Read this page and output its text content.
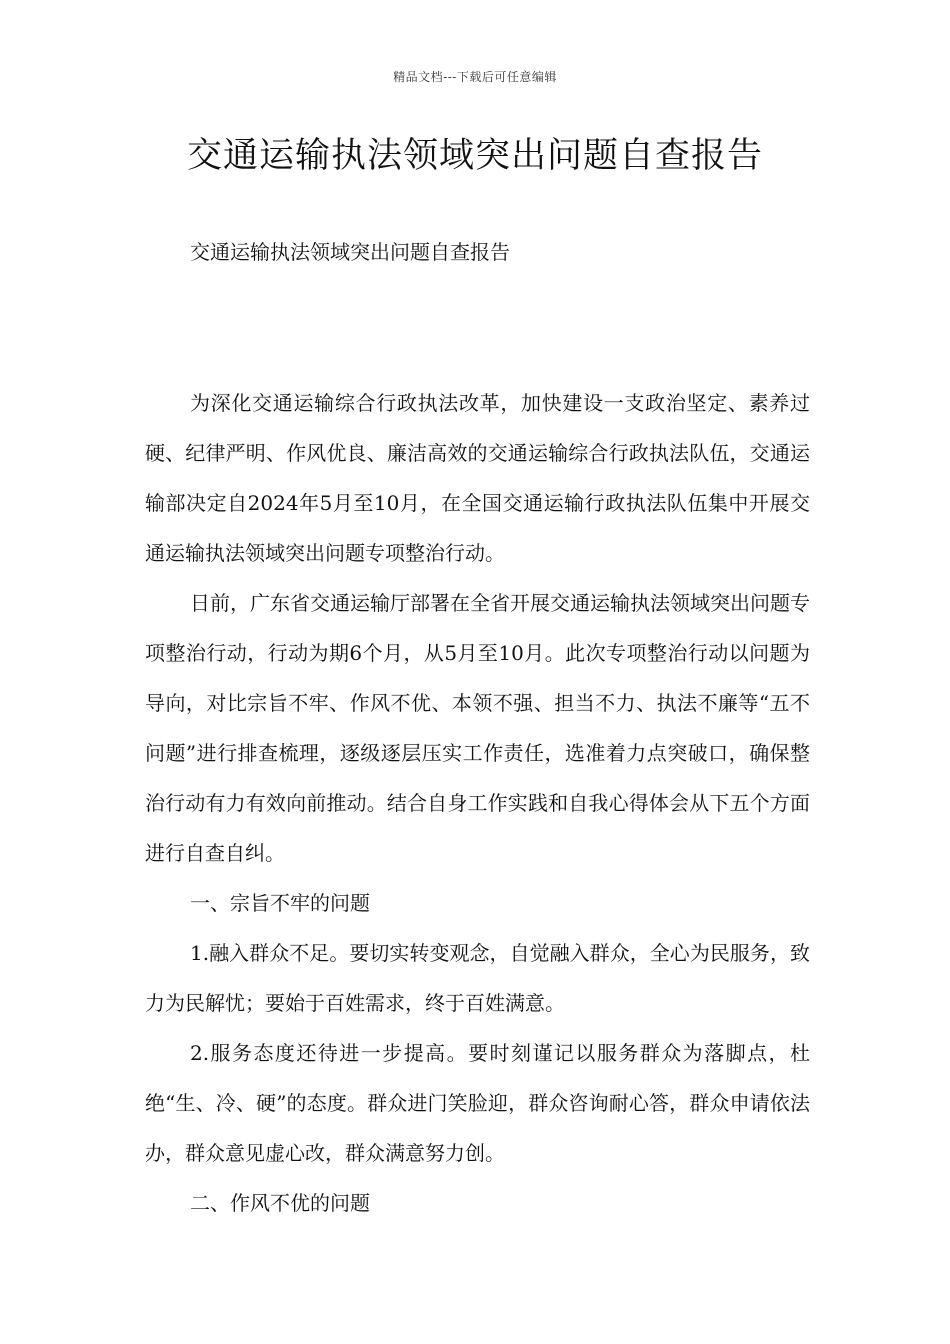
精品文档---下载后可任意编辑
交通运输执法领域突出问题自查报告

交通运输执法领域突出问题自查报告

为深化交通运输综合行政执法改革，加快建设一支政治坚定、素养过硬、纪律严明、作风优良、廉洁高效的交通运输综合行政执法队伍，交通运输部决定自2024年5月至10月，在全国交通运输行政执法队伍集中开展交通运输执法领域突出问题专项整治行动。

日前，广东省交通运输厅部署在全省开展交通运输执法领域突出问题专项整治行动，行动为期6个月，从5月至10月。此次专项整治行动以问题为导向，对比宗旨不牢、作风不优、本领不强、担当不力、执法不廉等“五不问题”进行排查梳理，逐级逐层压实工作责任，选准着力点突破口，确保整治行动有力有效向前推动。结合自身工作实践和自我心得体会从下五个方面进行自查自纠。

一、宗旨不牢的问题

1.融入群众不足。要切实转变观念，自觉融入群众，全心为民服务，致力为民解忧；要始于百姓需求，终于百姓满意。

2.服务态度还待进一步提高。要时刻谨记以服务群众为落脚点，杜绝“生、冷、硬”的态度。群众进门笑脸迎，群众咨询耐心答，群众申请依法办，群众意见虚心改，群众满意努力创。

二、作风不优的问题
